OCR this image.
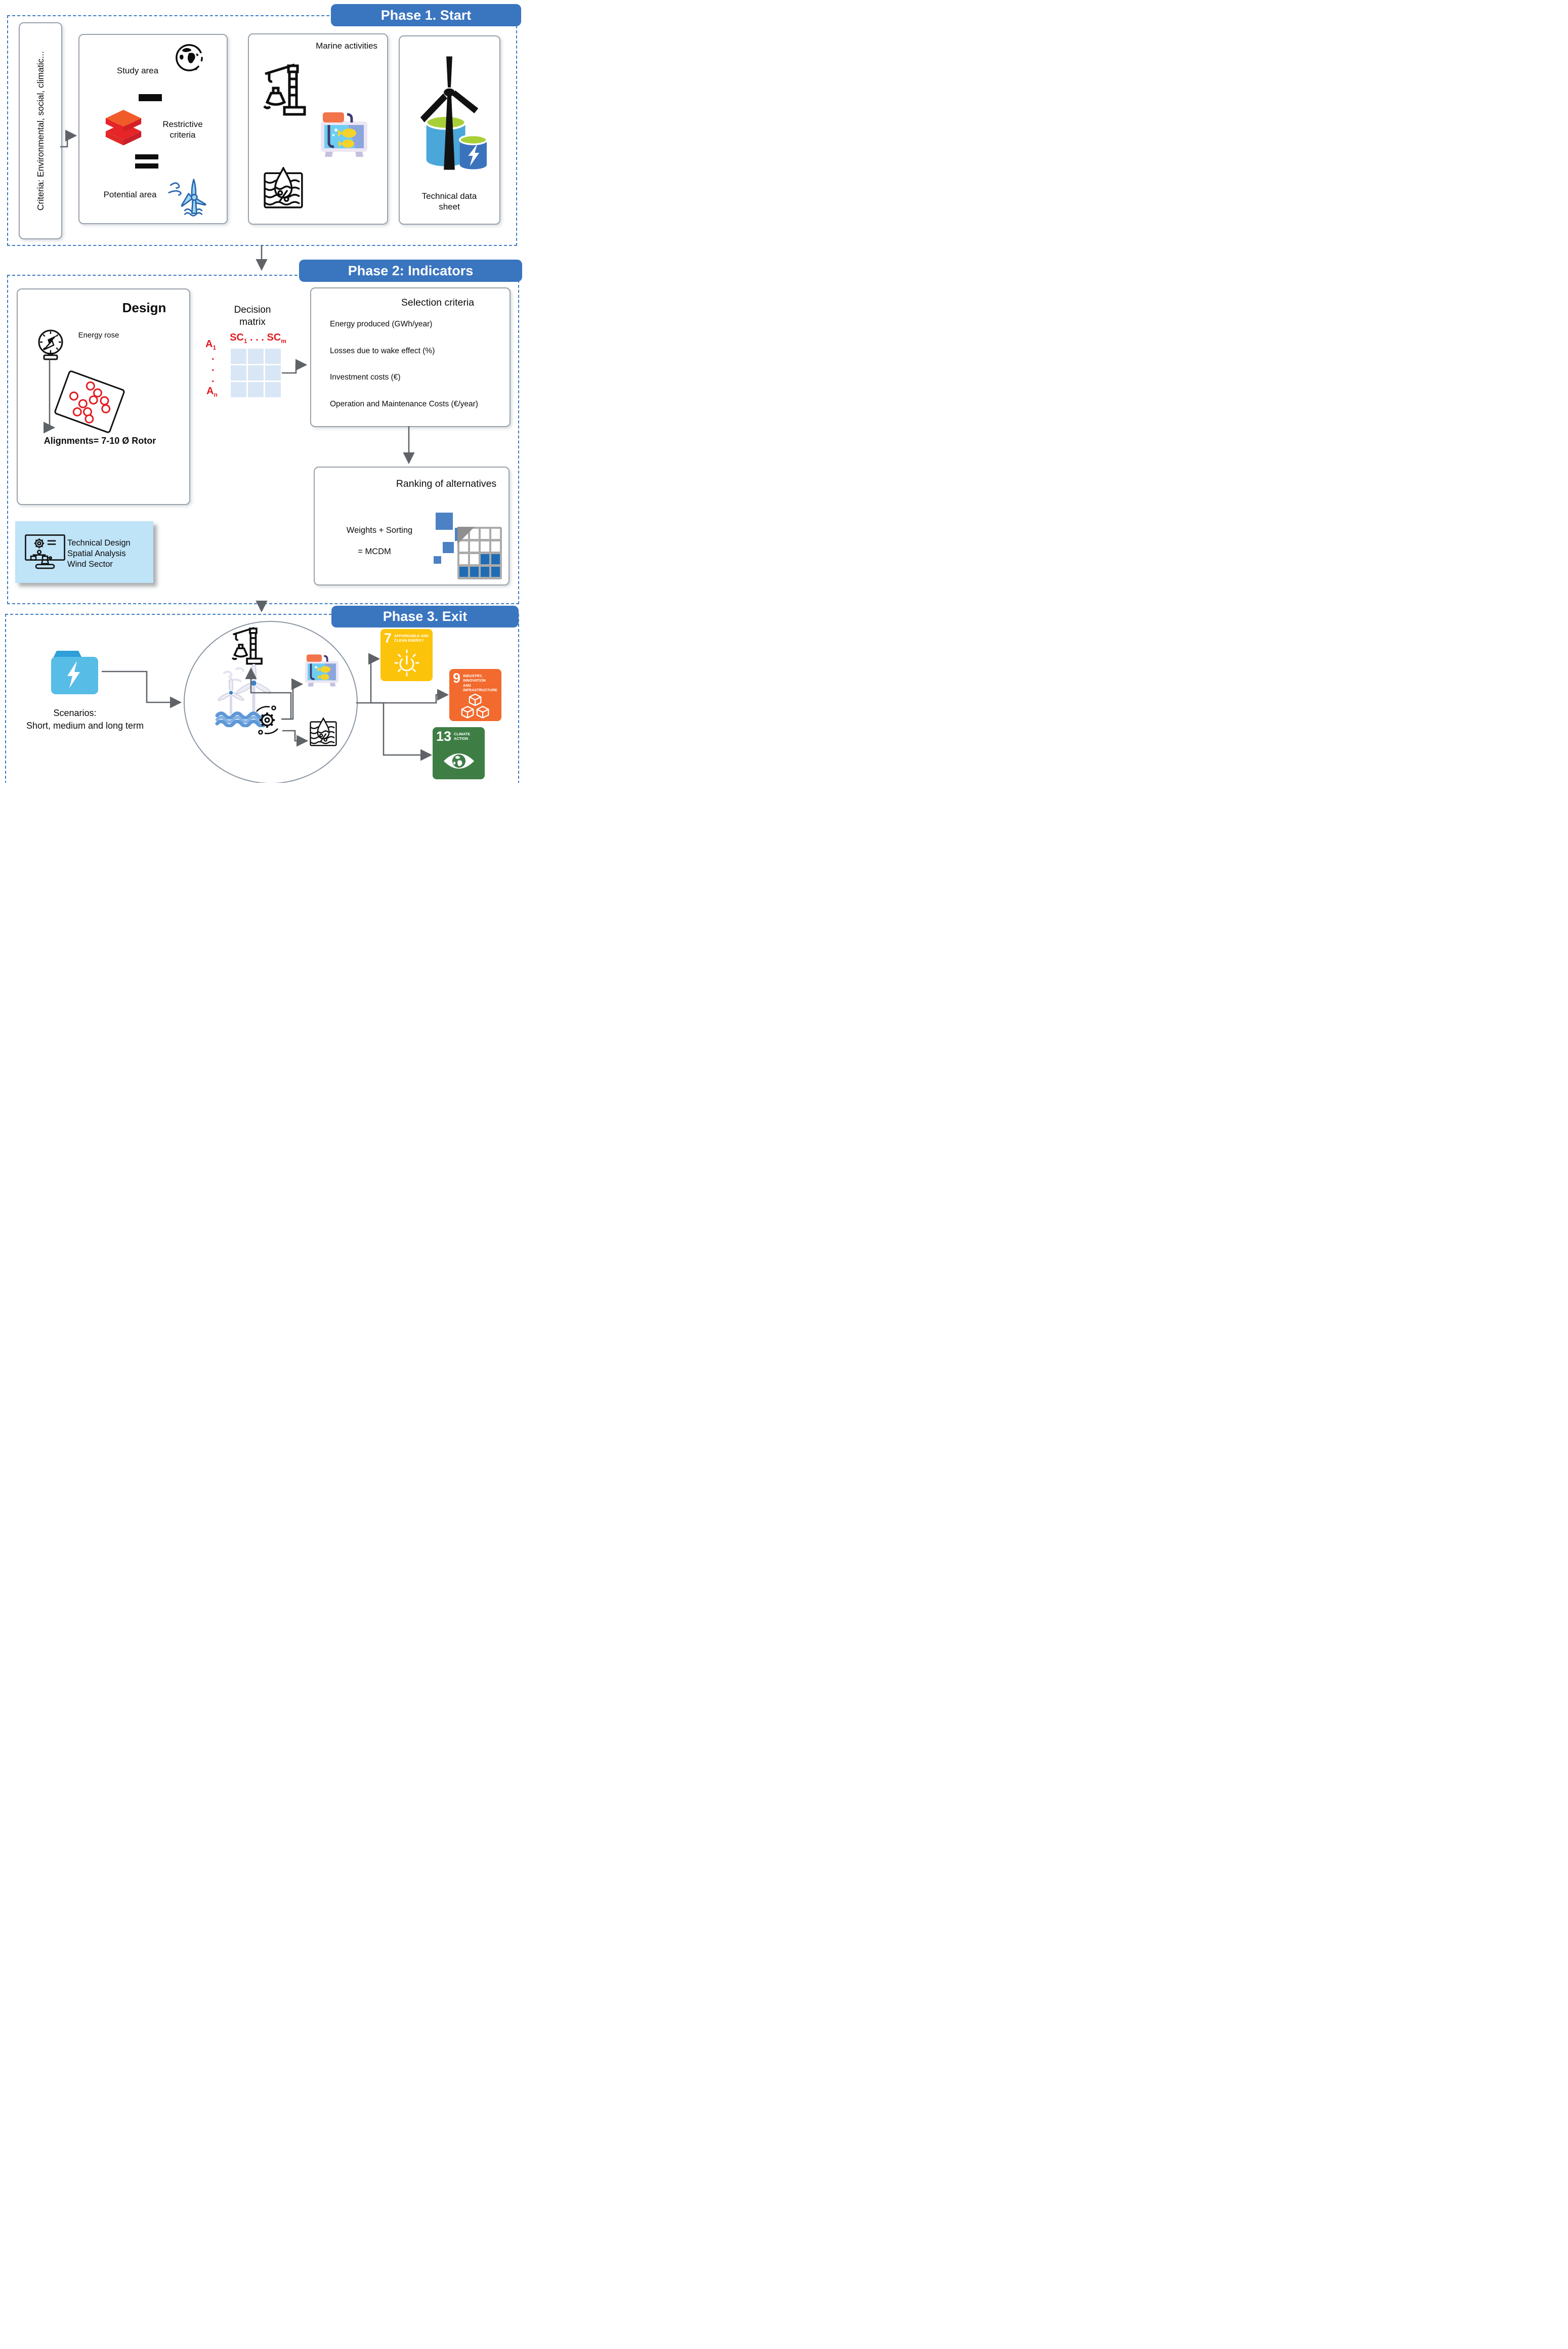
Phase 1. Start
Criteria: Environmental, social, climatic...	Study area
Restrictive criteria
Potential area
Marine activities
Technical data sheet
Phase 2: Indicators
Design
Energy rose
Alignments= 7-10 Ø Rotor
Decision
matrix
$SC_1$ . . . $SC_m$
$A_1$
.
.
.
$A_n$
Selection criteria
Energy produced (GWh/year)
Losses due to wake effect (%)
Investment costs (€)
Operation and Maintenance Costs (€/year)
Ranking of alternatives
Weights + Sorting
= MCDM
Technical Design
Spatial Analysis
Wind Sector
Phase 3. Exit
Scenarios:
Short, medium and long term
7 AFFORDABLE AND
CLEAN ENERGY
9 INDUSTRY, INNOVATION
AND INFRASTRUCTURE
13 CLIMATE
ACTION
